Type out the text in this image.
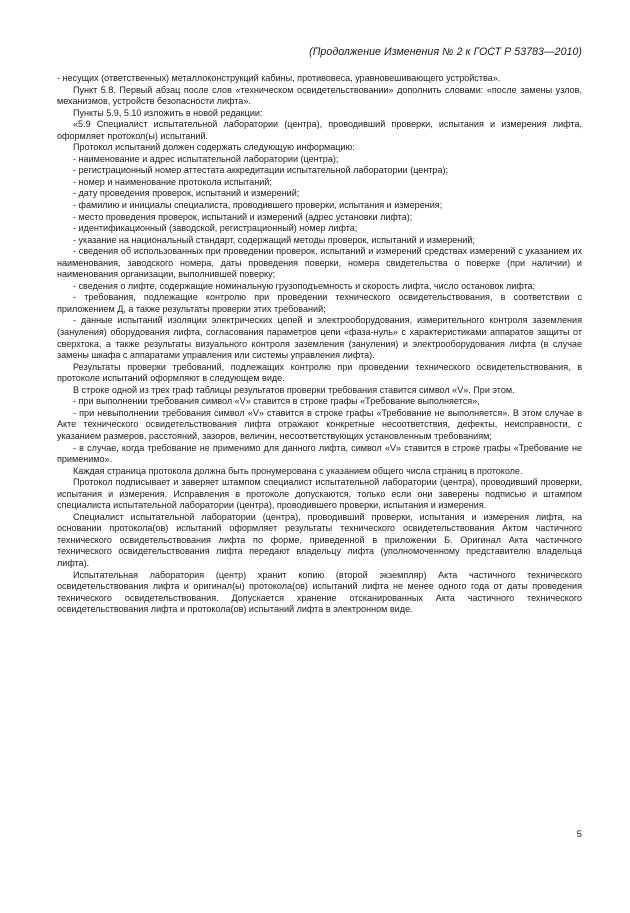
(Продолжение Изменения № 2 к ГОСТ Р 53783—2010)

- несущих (ответственных) металлоконструкций кабины, противовеса, уравновешивающего устройства».

Пункт 5.8. Первый абзац после слов «техническом освидетельствовании» дополнить словами: «после замены узлов, механизмов, устройств безопасности лифта».

Пункты 5.9, 5.10 изложить в новой редакции:

«5.9 Специалист испытательной лаборатории (центра), проводивший проверки, испытания и измерения лифта, оформляет протокол(ы) испытаний.

Протокол испытаний должен содержать следующую информацию:

- наименование и адрес испытательной лаборатории (центра);

- регистрационный номер аттестата аккредитации испытательной лаборатории (центра);

- номер и наименование протокола испытаний;

- дату проведения проверок, испытаний и измерений;

- фамилию и инициалы специалиста, проводившего проверки, испытания и измерения;

- место проведения проверок, испытаний и измерений (адрес установки лифта);

- идентификационный (заводской, регистрационный) номер лифта;

- указание на национальный стандарт, содержащий методы проверок, испытаний и измерений;

- сведения об использованных при проведении проверок, испытаний и измерений средствах измерений с указанием их наименования, заводского номера, даты проведения поверки, номера свидетельства о поверке (при наличии) и наименования организации, выполнившей поверку;

- сведения о лифте, содержащие номинальную грузоподъемность и скорость лифта, число остановок лифта;

- требования, подлежащие контролю при проведении технического освидетельствования, в соответствии с приложением Д, а также результаты проверки этих требований;

- данные испытаний изоляции электрических цепей и электрооборудования, измерительного контроля заземления (зануления) оборудования лифта, согласования параметров цепи «фаза-нуль» с характеристиками аппаратов защиты от сверхтока, а также результаты визуального контроля заземления (зануления) и электрооборудования лифта (в случае замены шкафа с аппаратами управления или системы управления лифта).

Результаты проверки требований, подлежащих контролю при проведении технического освидетельствования, в протоколе испытаний оформляют в следующем виде.

В строке одной из трех граф таблицы результатов проверки требования ставится символ «V». При этом.

- при выполнении требования символ «V» ставится в строке графы «Требование выполняется»,

- при невыполнении требования символ «V» ставится в строке графы «Требование не выполняется». В этом случае в Акте технического освидетельствования лифта отражают конкретные несоответствия, дефекты, неисправности, с указанием размеров, расстояний, зазоров, величин, несоответствующих установленным требованиям;

- в случае, когда требование не применимо для данного лифта, символ «V» ставится в строке графы «Требование не применимо».

Каждая страница протокола должна быть пронумерована с указанием общего числа страниц в протоколе.

Протокол подписывает и заверяет штампом специалист испытательной лаборатории (центра), проводивший проверки, испытания и измерения. Исправления в протоколе допускаются, только если они заверены подписью и штампом специалиста испытательной лаборатории (центра), проводившего проверки, испытания и измерения.

Специалист испытательной лаборатории (центра), проводивший проверки, испытания и измерения лифта, на основании протокола(ов) испытаний оформляет результаты технического освидетельствования Актом частичного технического освидетельствования лифта по форме, приведенной в приложении Б. Оригинал Акта частичного технического освидетельствования лифта передают владельцу лифта (уполномоченному представителю владельца лифта).

Испытательная лаборатория (центр) хранит копию (второй экземпляр) Акта частичного технического освидетельствования лифта и оригинал(ы) протокола(ов) испытаний лифта не менее одного года от даты проведения технического освидетельствования. Допускается хранение отсканированных Акта частичного технического освидетельствования лифта и протокола(ов) испытаний лифта в электронном виде.

5
